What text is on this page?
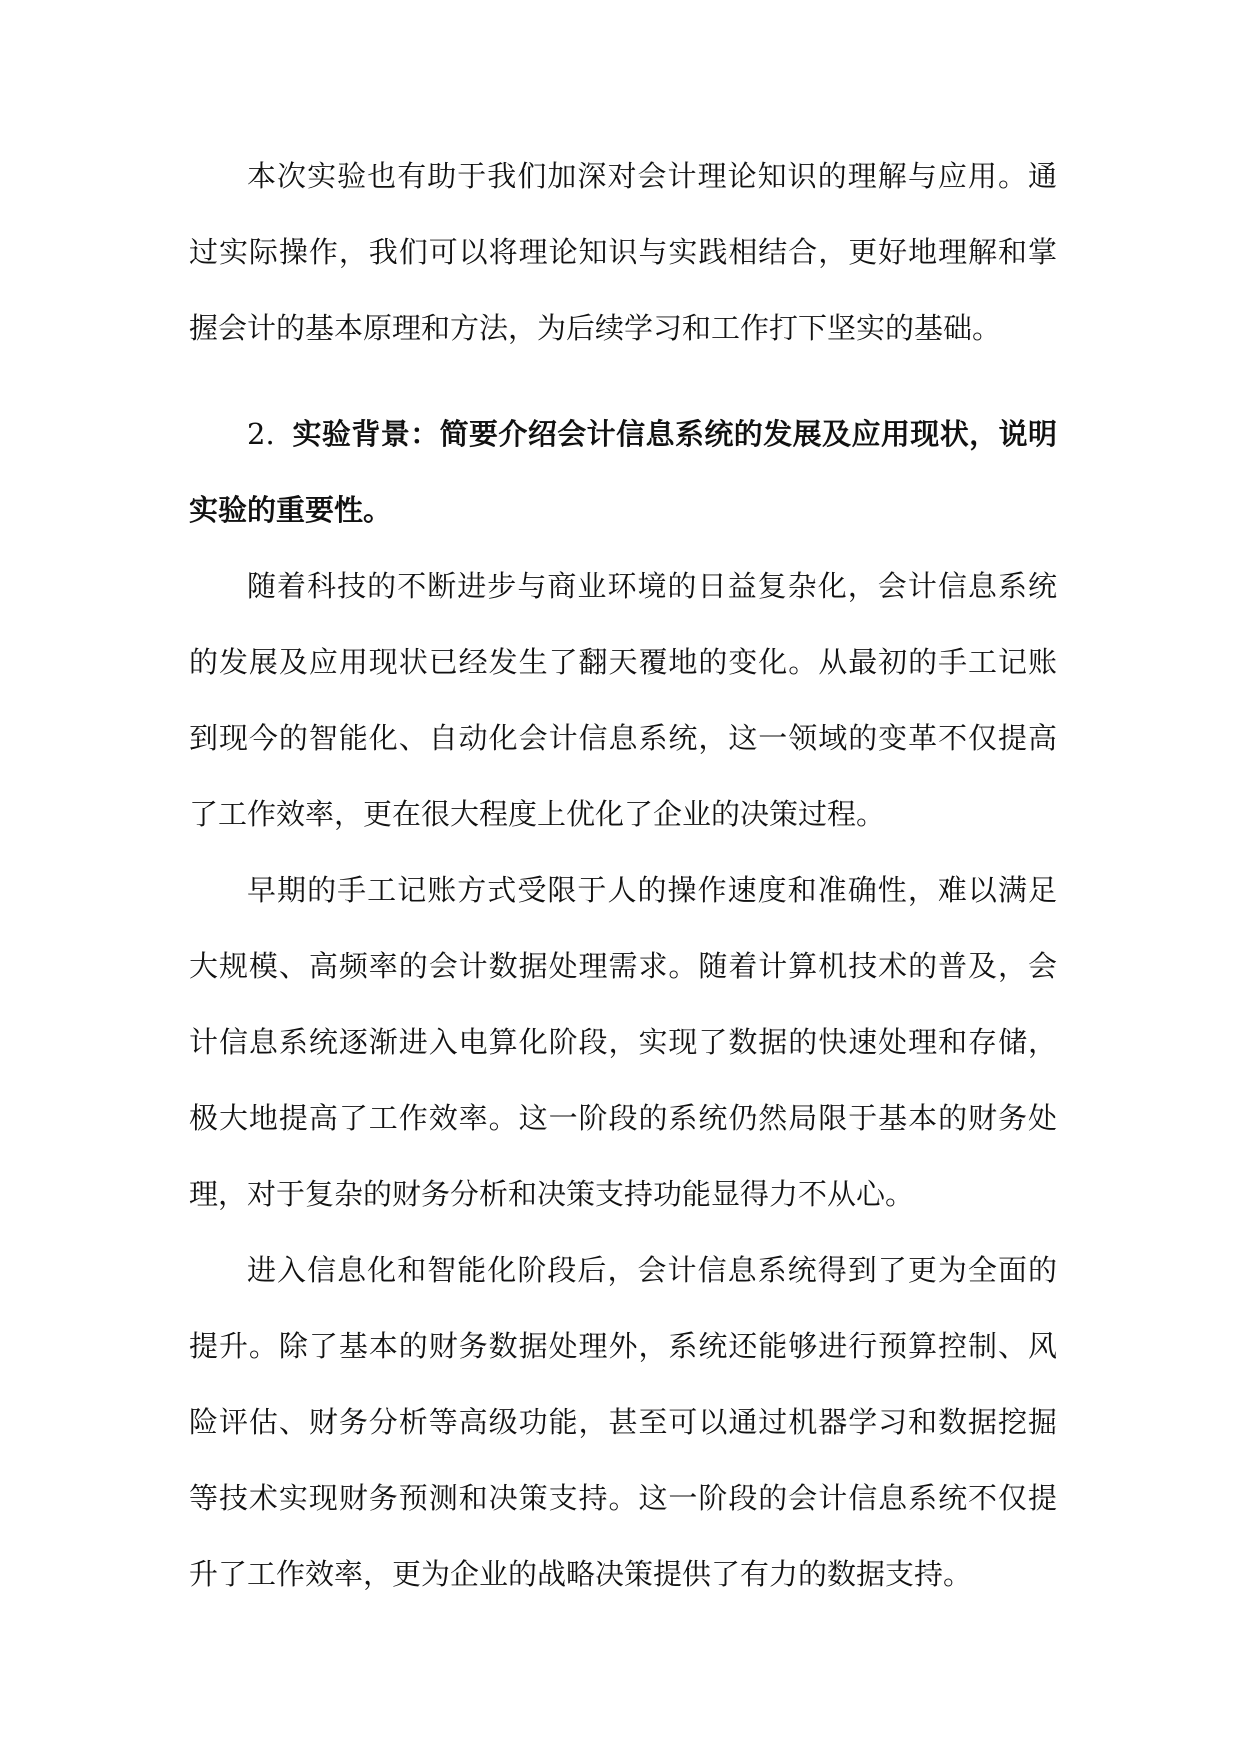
本次实验也有助于我们加深对会计理论知识的理解与应用。通过实际操作，我们可以将理论知识与实践相结合，更好地理解和掌握会计的基本原理和方法，为后续学习和工作打下坚实的基础。

2. 实验背景：简要介绍会计信息系统的发展及应用现状，说明实验的重要性。

随着科技的不断进步与商业环境的日益复杂化，会计信息系统的发展及应用现状已经发生了翻天覆地的变化。从最初的手工记账到现今的智能化、自动化会计信息系统，这一领域的变革不仅提高了工作效率，更在很大程度上优化了企业的决策过程。

早期的手工记账方式受限于人的操作速度和准确性，难以满足大规模、高频率的会计数据处理需求。随着计算机技术的普及，会计信息系统逐渐进入电算化阶段，实现了数据的快速处理和存储，极大地提高了工作效率。这一阶段的系统仍然局限于基本的财务处理，对于复杂的财务分析和决策支持功能显得力不从心。

进入信息化和智能化阶段后，会计信息系统得到了更为全面的提升。除了基本的财务数据处理外，系统还能够进行预算控制、风险评估、财务分析等高级功能，甚至可以通过机器学习和数据挖掘等技术实现财务预测和决策支持。这一阶段的会计信息系统不仅提升了工作效率，更为企业的战略决策提供了有力的数据支持。
